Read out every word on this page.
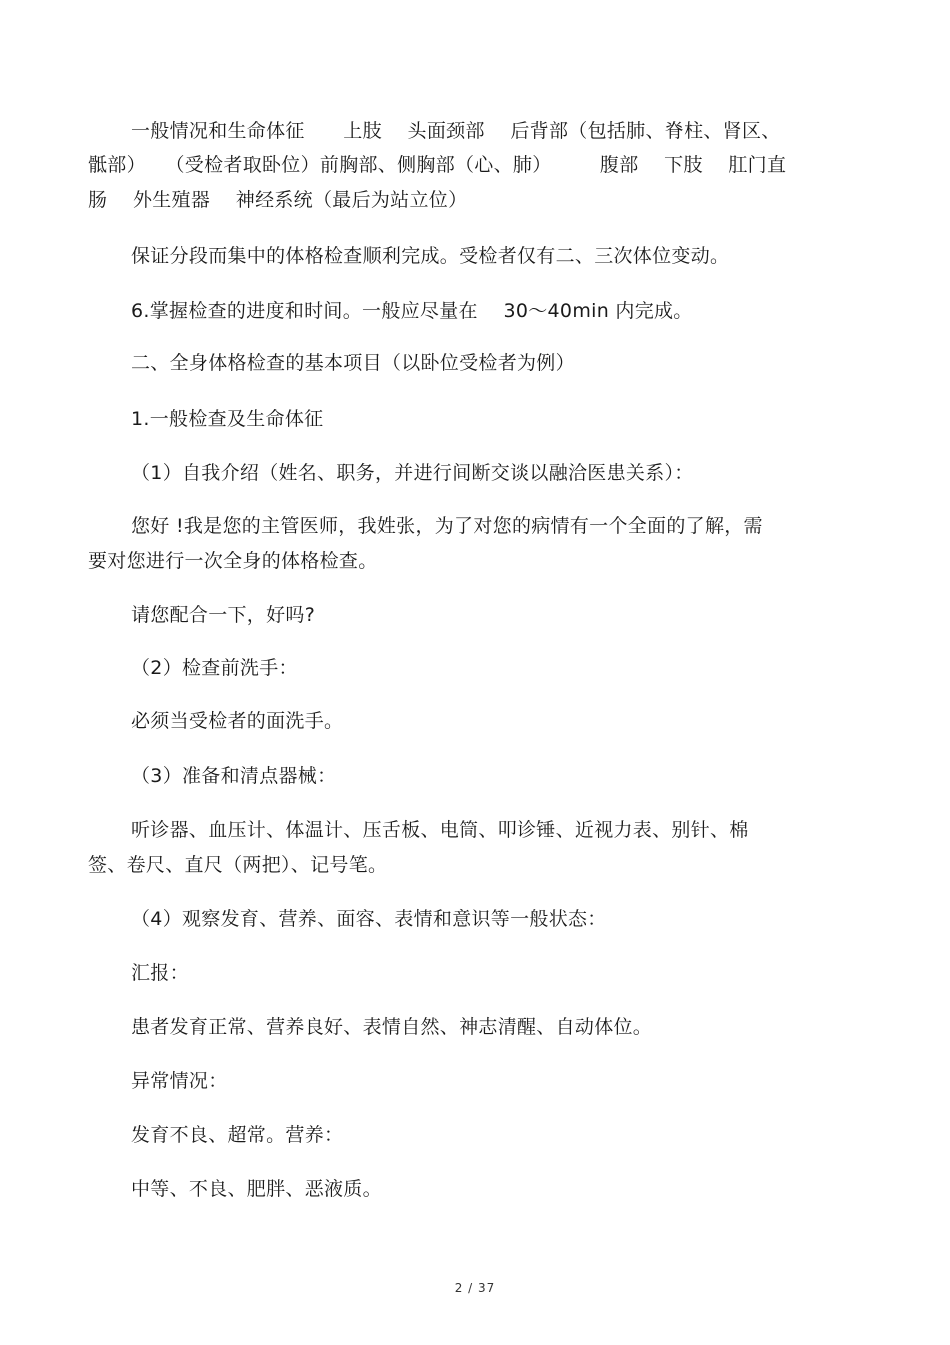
一般情况和生命体征　　上肢　 头面颈部　 后背部（包括肺、脊柱、肾区、
骶部）　　（受检者取卧位）前胸部、侧胸部（心、肺）　　　腹部　 下肢　 肛门直
肠　 外生殖器　 神经系统（最后为站立位）
保证分段而集中的体格检查顺利完成。受检者仅有二、三次体位变动。
6.掌握检查的进度和时间。一般应尽量在　 30～40min 内完成。
二、全身体格检查的基本项目（以卧位受检者为例）
1.一般检查及生命体征
（1）自我介绍（姓名、职务，并进行间断交谈以融洽医患关系）：
您好 !我是您的主管医师，我姓张，为了对您的病情有一个全面的了解，需
要对您进行一次全身的体格检查。
请您配合一下，好吗?
（2）检查前洗手：
必须当受检者的面洗手。
（3）准备和清点器械：
听诊器、血压计、体温计、压舌板、电筒、叩诊锤、近视力表、别针、棉
签、卷尺、直尺（两把）、记号笔。
（4）观察发育、营养、面容、表情和意识等一般状态：
汇报：
患者发育正常、营养良好、表情自然、神志清醒、自动体位。
异常情况：
发育不良、超常。营养：
中等、不良、肥胖、恶液质。
2 / 37
